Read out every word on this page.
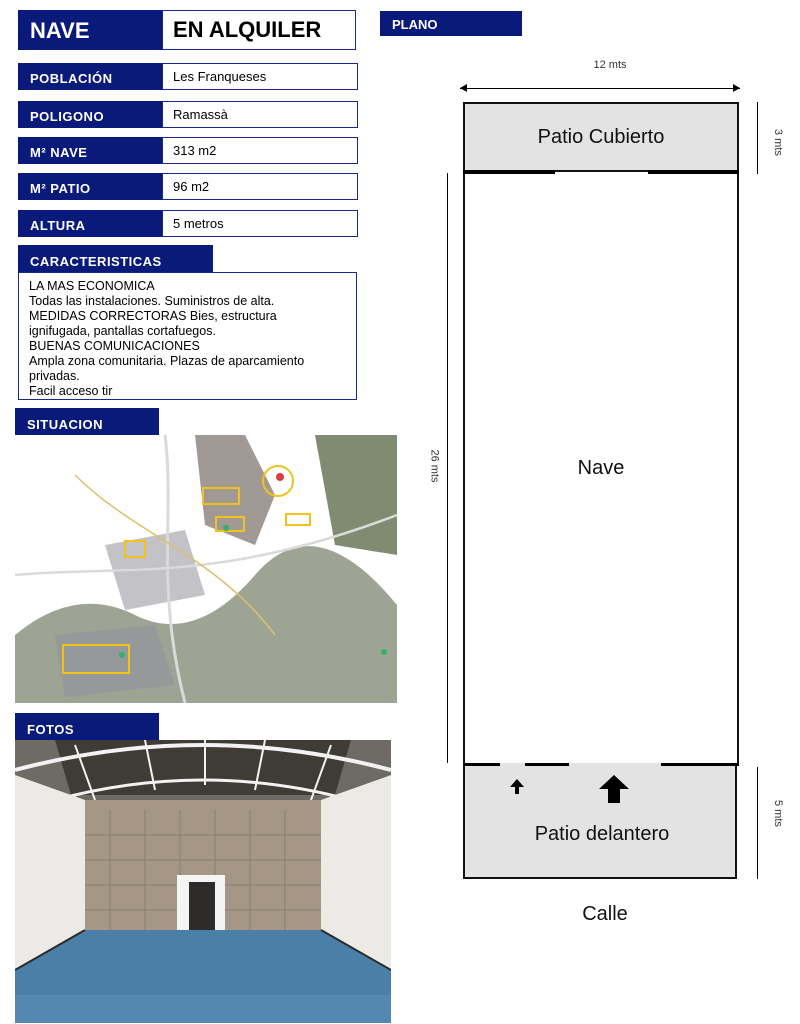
NAVE	EN ALQUILER	PLANO
POBLACIÓN	Les Franqueses
POLIGONO	Ramassà
M² NAVE	313 m2
M² PATIO	96 m2
ALTURA	5 metros
CARACTERISTICAS
LA MAS ECONOMICA
Todas las instalaciones. Suministros de alta.
MEDIDAS CORRECTORAS Bies, estructura
ignifugada, pantallas cortafuegos.
BUENAS COMUNICACIONES
Ampla zona comunitaria. Plazas de aparcamiento
privadas.
Facil acceso tir
SITUACION
FOTOS
12 mts
Patio Cubierto	3 mts
Nave
26 mts
Patio delantero
5 mts
Calle
